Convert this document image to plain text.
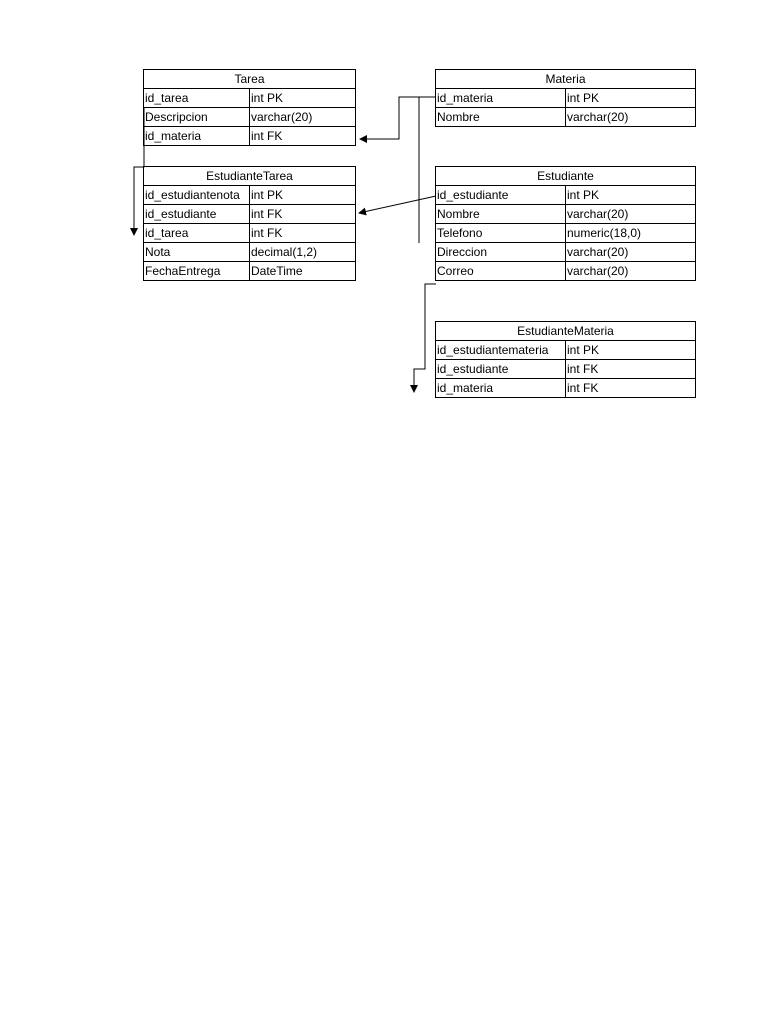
Tarea	
id_tarea	int PK
Descripcion	varchar(20)
id_materia	int FK
Materia	
id_materia	int PK
Nombre	varchar(20)
EstudianteTarea	
id_estudiantenota	int PK
id_estudiante	int FK
id_tarea	int FK
Nota	decimal(1,2)
FechaEntrega	DateTime
Estudiante	
id_estudiante	int PK
Nombre	varchar(20)
Telefono	numeric(18,0)
Direccion	varchar(20)
Correo	varchar(20)
EstudianteMateria	
id_estudiantemateria	int PK
id_estudiante	int FK
id_materia	int FK
